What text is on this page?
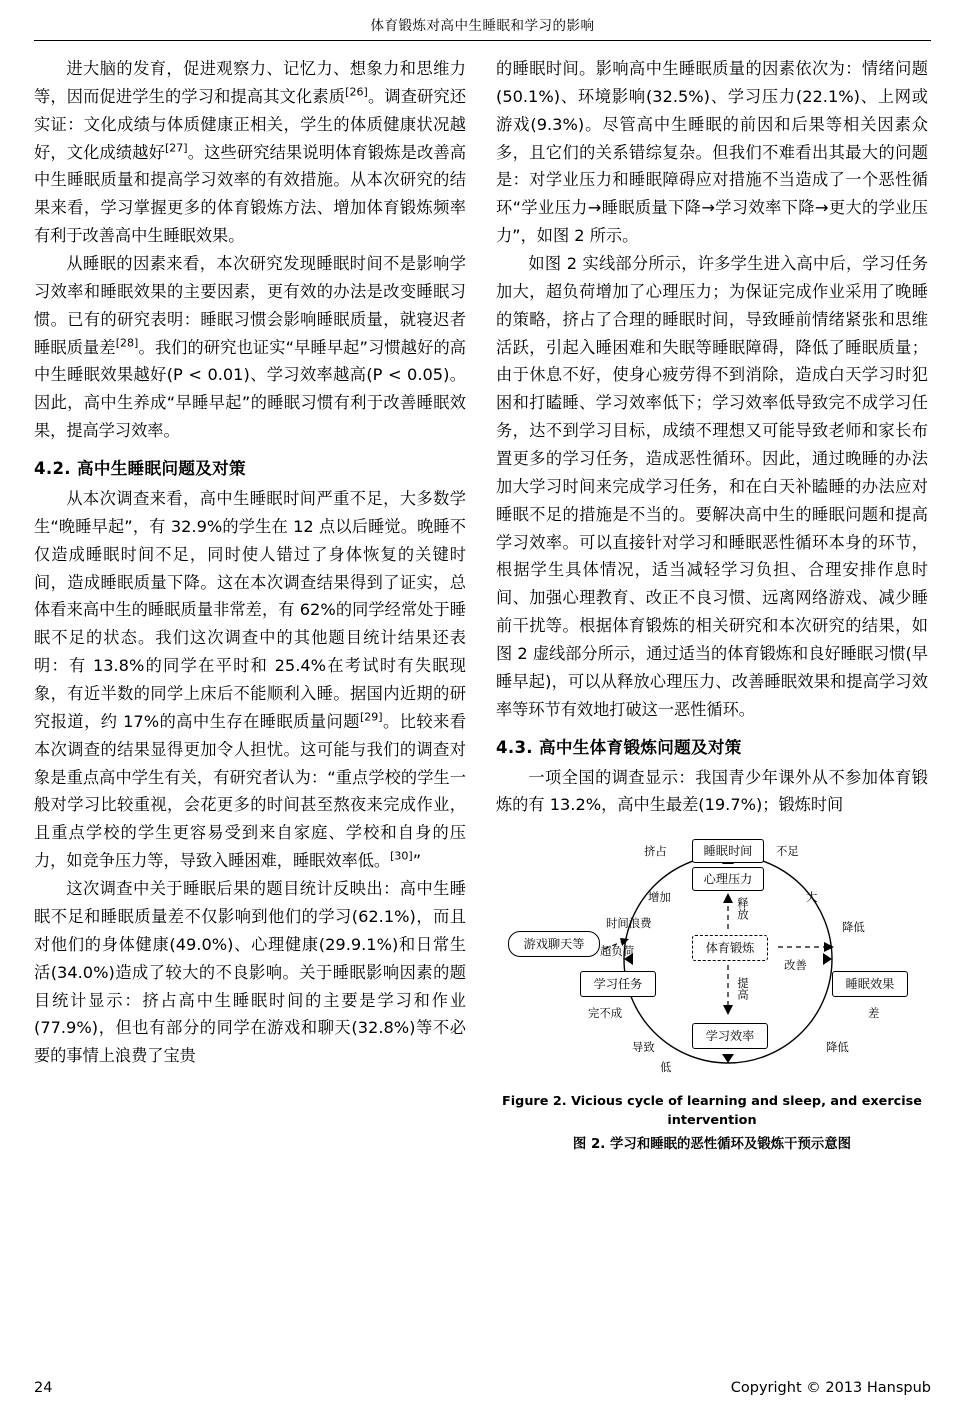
体育锻炼对高中生睡眠和学习的影响

进大脑的发育，促进观察力、记忆力、想象力和思维力等，因而促进学生的学习和提高其文化素质[26]。调查研究还实证：文化成绩与体质健康正相关，学生的体质健康状况越好，文化成绩越好[27]。这些研究结果说明体育锻炼是改善高中生睡眠质量和提高学习效率的有效措施。从本次研究的结果来看，学习掌握更多的体育锻炼方法、增加体育锻炼频率有利于改善高中生睡眠效果。

从睡眠的因素来看，本次研究发现睡眠时间不是影响学习效率和睡眠效果的主要因素，更有效的办法是改变睡眠习惯。已有的研究表明：睡眠习惯会影响睡眠质量，就寝迟者睡眠质量差[28]。我们的研究也证实“早睡早起”习惯越好的高中生睡眠效果越好(P < 0.01)、学习效率越高(P < 0.05)。因此，高中生养成“早睡早起”的睡眠习惯有利于改善睡眠效果，提高学习效率。

4.2. 高中生睡眠问题及对策

从本次调查来看，高中生睡眠时间严重不足，大多数学生“晚睡早起”，有 32.9%的学生在 12 点以后睡觉。晚睡不仅造成睡眠时间不足，同时使人错过了身体恢复的关键时间，造成睡眠质量下降。这在本次调查结果得到了证实，总体看来高中生的睡眠质量非常差，有 62%的同学经常处于睡眠不足的状态。我们这次调查中的其他题目统计结果还表明：有 13.8%的同学在平时和 25.4%在考试时有失眠现象，有近半数的同学上床后不能顺利入睡。据国内近期的研究报道，约 17%的高中生存在睡眠质量问题[29]。比较来看本次调查的结果显得更加令人担忧。这可能与我们的调查对象是重点高中学生有关，有研究者认为：“重点学校的学生一般对学习比较重视，会花更多的时间甚至熬夜来完成作业，且重点学校的学生更容易受到来自家庭、学校和自身的压力，如竞争压力等，导致入睡困难，睡眠效率低。[30]”

这次调查中关于睡眠后果的题目统计反映出：高中生睡眠不足和睡眠质量差不仅影响到他们的学习(62.1%)，而且对他们的身体健康(49.0%)、心理健康(29.9.1%)和日常生活(34.0%)造成了较大的不良影响。关于睡眠影响因素的题目统计显示：挤占高中生睡眠时间的主要是学习和作业(77.9%)，但也有部分的同学在游戏和聊天(32.8%)等不必要的事情上浪费了宝贵

的睡眠时间。影响高中生睡眠质量的因素依次为：情绪问题(50.1%)、环境影响(32.5%)、学习压力(22.1%)、上网或游戏(9.3%)。尽管高中生睡眠的前因和后果等相关因素众多，且它们的关系错综复杂。但我们不难看出其最大的问题是：对学业压力和睡眠障碍应对措施不当造成了一个恶性循环“学业压力→睡眠质量下降→学习效率下降→更大的学业压力”，如图 2 所示。

如图 2 实线部分所示，许多学生进入高中后，学习任务加大，超负荷增加了心理压力；为保证完成作业采用了晚睡的策略，挤占了合理的睡眠时间，导致睡前情绪紧张和思维活跃，引起入睡困难和失眠等睡眠障碍，降低了睡眠质量；由于休息不好，使身心疲劳得不到消除，造成白天学习时犯困和打瞌睡、学习效率低下；学习效率低导致完不成学习任务，达不到学习目标，成绩不理想又可能导致老师和家长布置更多的学习任务，造成恶性循环。因此，通过晚睡的办法加大学习时间来完成学习任务，和在白天补瞌睡的办法应对睡眠不足的措施是不当的。要解决高中生的睡眠问题和提高学习效率。可以直接针对学习和睡眠恶性循环本身的环节，根据学生具体情况，适当减轻学习负担、合理安排作息时间、加强心理教育、改正不良习惯、远离网络游戏、减少睡前干扰等。根据体育锻炼的相关研究和本次研究的结果，如图 2 虚线部分所示，通过适当的体育锻炼和良好睡眠习惯(早睡早起)，可以从释放心理压力、改善睡眠效果和提高学习效率等环节有效地打破这一恶性循环。

4.3. 高中生体育锻炼问题及对策

一项全国的调查显示：我国青少年课外从不参加体育锻炼的有 13.2%，高中生最差(19.7%)；锻炼时间

睡眠时间
心理压力
游戏聊天等
学习任务
体育锻炼
睡眠效果
学习效率
挤占	不足
时间浪费
增加	大
降低
超负荷
释放
改善
完不成	差
提高
导致
低
降低
Figure 2. Vicious cycle of learning and sleep, and exercise intervention
图 2. 学习和睡眠的恶性循环及锻炼干预示意图
24	Copyright © 2013 Hanspub
